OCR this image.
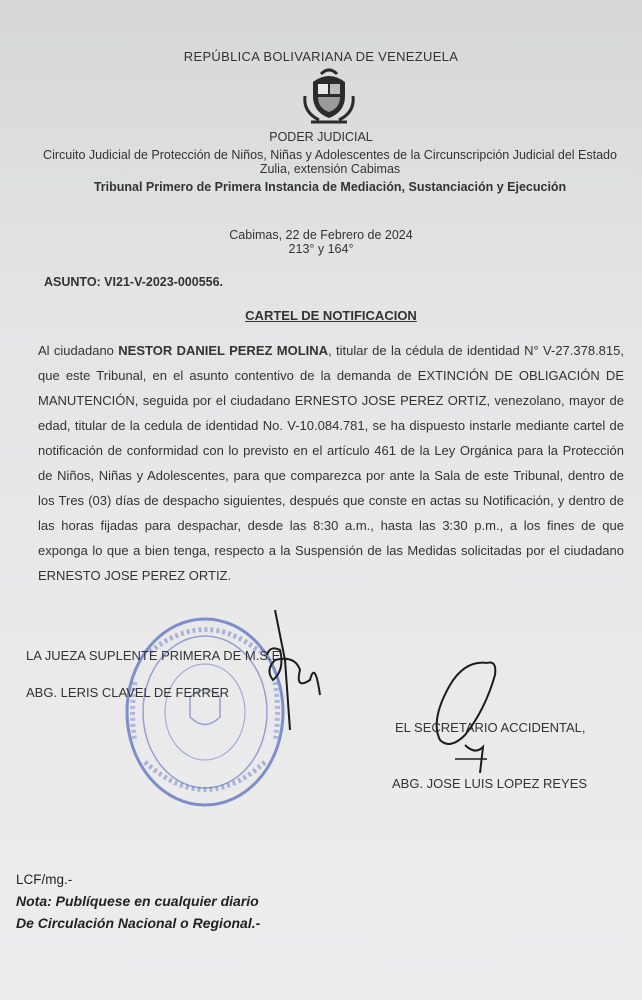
REPÚBLICA BOLIVARIANA DE VENEZUELA
PODER JUDICIAL
Circuito Judicial de Protección de Niños, Niñas y Adolescentes de la Circunscripción Judicial del Estado Zulia, extensión Cabimas
Tribunal Primero de Primera Instancia de Mediación, Sustanciación y Ejecución
Cabimas, 22 de Febrero de 2024
213° y 164°
ASUNTO: VI21-V-2023-000556.
CARTEL DE NOTIFICACION
Al ciudadano NESTOR DANIEL PEREZ MOLINA, titular de la cédula de identidad N° V-27.378.815, que este Tribunal, en el asunto contentivo de la demanda de EXTINCIÓN DE OBLIGACIÓN DE MANUTENCIÓN, seguida por el ciudadano ERNESTO JOSE PEREZ ORTIZ, venezolano, mayor de edad, titular de la cedula de identidad No. V-10.084.781, se ha dispuesto instarle mediante cartel de notificación de conformidad con lo previsto en el artículo 461 de la Ley Orgánica para la Protección de Niños, Niñas y Adolescentes, para que comparezca por ante la Sala de este Tribunal, dentro de los Tres (03) días de despacho siguientes, después que conste en actas su Notificación, y dentro de las horas fijadas para despachar, desde las 8:30 a.m., hasta las 3:30 p.m., a los fines de que exponga lo que a bien tenga, respecto a la Suspensión de las Medidas solicitadas por el ciudadano ERNESTO JOSE PEREZ ORTIZ.
LA JUEZA SUPLENTE PRIMERA DE M.S.E.,
ABG. LERIS CLAVEL DE FERRER
EL SECRETARIO ACCIDENTAL,
ABG. JOSE LUIS LOPEZ REYES
LCF/mg.-
Nota: Publíquese en cualquier diario
De Circulación Nacional o Regional.-
